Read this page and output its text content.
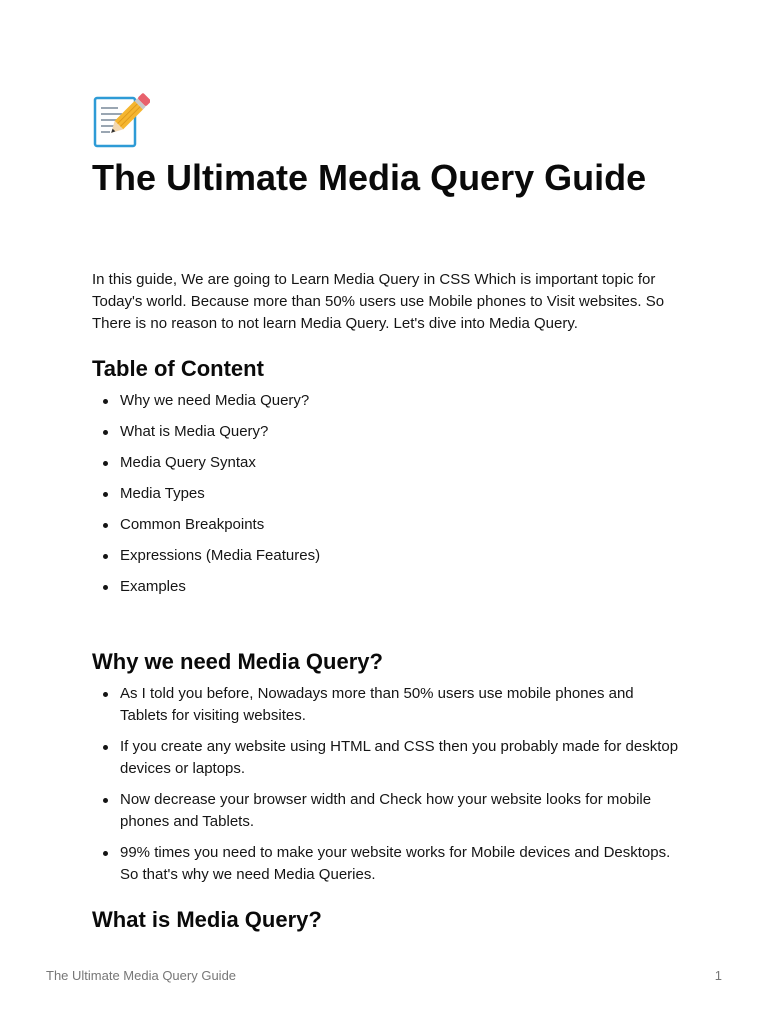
The Ultimate Media Query Guide

In this guide, We are going to Learn Media Query in CSS Which is important topic for Today's world. Because more than 50% users use Mobile phones to Visit websites. So There is no reason to not learn Media Query. Let's dive into Media Query.

Table of Content
Why we need Media Query?
What is Media Query?
Media Query Syntax
Media Types
Common Breakpoints
Expressions (Media Features)
Examples
Why we need Media Query?
As I told you before, Nowadays more than 50% users use mobile phones and Tablets for visiting websites.
If you create any website using HTML and CSS then you probably made for desktop devices or laptops.
Now decrease your browser width and Check how your website looks for mobile phones and Tablets.
99% times you need to make your website works for Mobile devices and Desktops. So that's why we need Media Queries.
What is Media Query?
The Ultimate Media Query Guide	1
